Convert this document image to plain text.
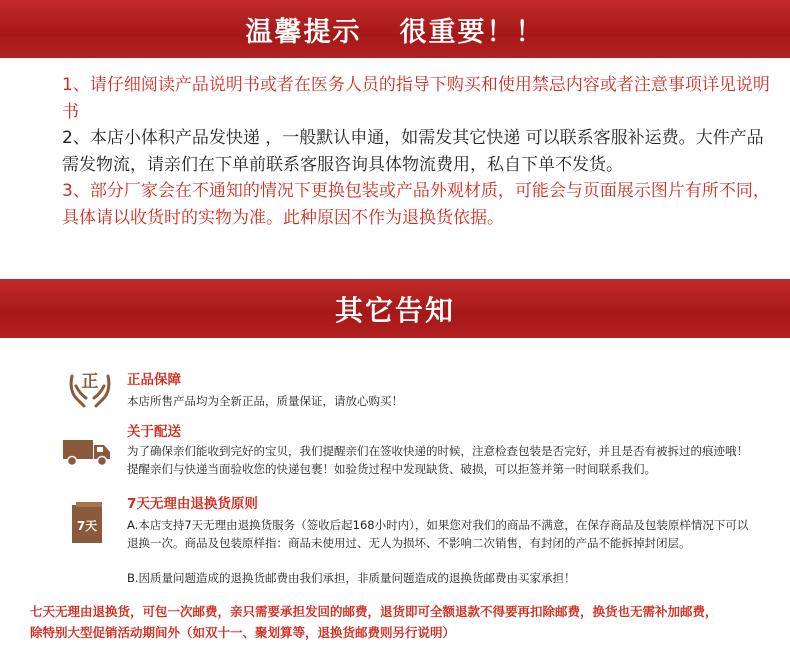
温馨提示 很重要！！

1、请仔细阅读产品说明书或者在医务人员的指导下购买和使用禁忌内容或者注意事项详见说明书

2、本店小体积产品发快递 ，一般默认申通，如需发其它快递 可以联系客服补运费。大件产品需发物流，请亲们在下单前联系客服咨询具体物流费用，私自下单不发货。

3、部分厂家会在不通知的情况下更换包装或产品外观材质，可能会与页面展示图片有所不同，具体请以收货时的实物为准。此种原因不作为退换货依据。

其它告知
正 正品保障
本店所售产品均为全新正品，质量保证，请放心购买！
关于配送
为了确保亲们能收到完好的宝贝，我们提醒亲们在签收快递的时候，注意检查包装是否完好，并且是否有被拆过的痕迹哦！提醒亲们与快递当面验收您的快递包裹！如验货过程中发现缺货、破损，可以拒签并第一时间联系我们。
7天
7天无理由退换货原则
A.本店支持7天无理由退换货服务（签收后起168小时内），如果您对我们的商品不满意，在保存商品及包装原样情况下可以退换一次。商品及包装原样指：商品未使用过、无人为损坏、不影响二次销售，有封闭的产品不能拆掉封闭层。
B.因质量问题造成的退换货邮费由我们承担，非质量问题造成的退换货邮费由买家承担！

七天无理由退换货，可包一次邮费，亲只需要承担发回的邮费，退货即可全额退款不得要再扣除邮费，换货也无需补加邮费，

除特别大型促销活动期间外（如双十一、聚划算等，退换货邮费则另行说明）
